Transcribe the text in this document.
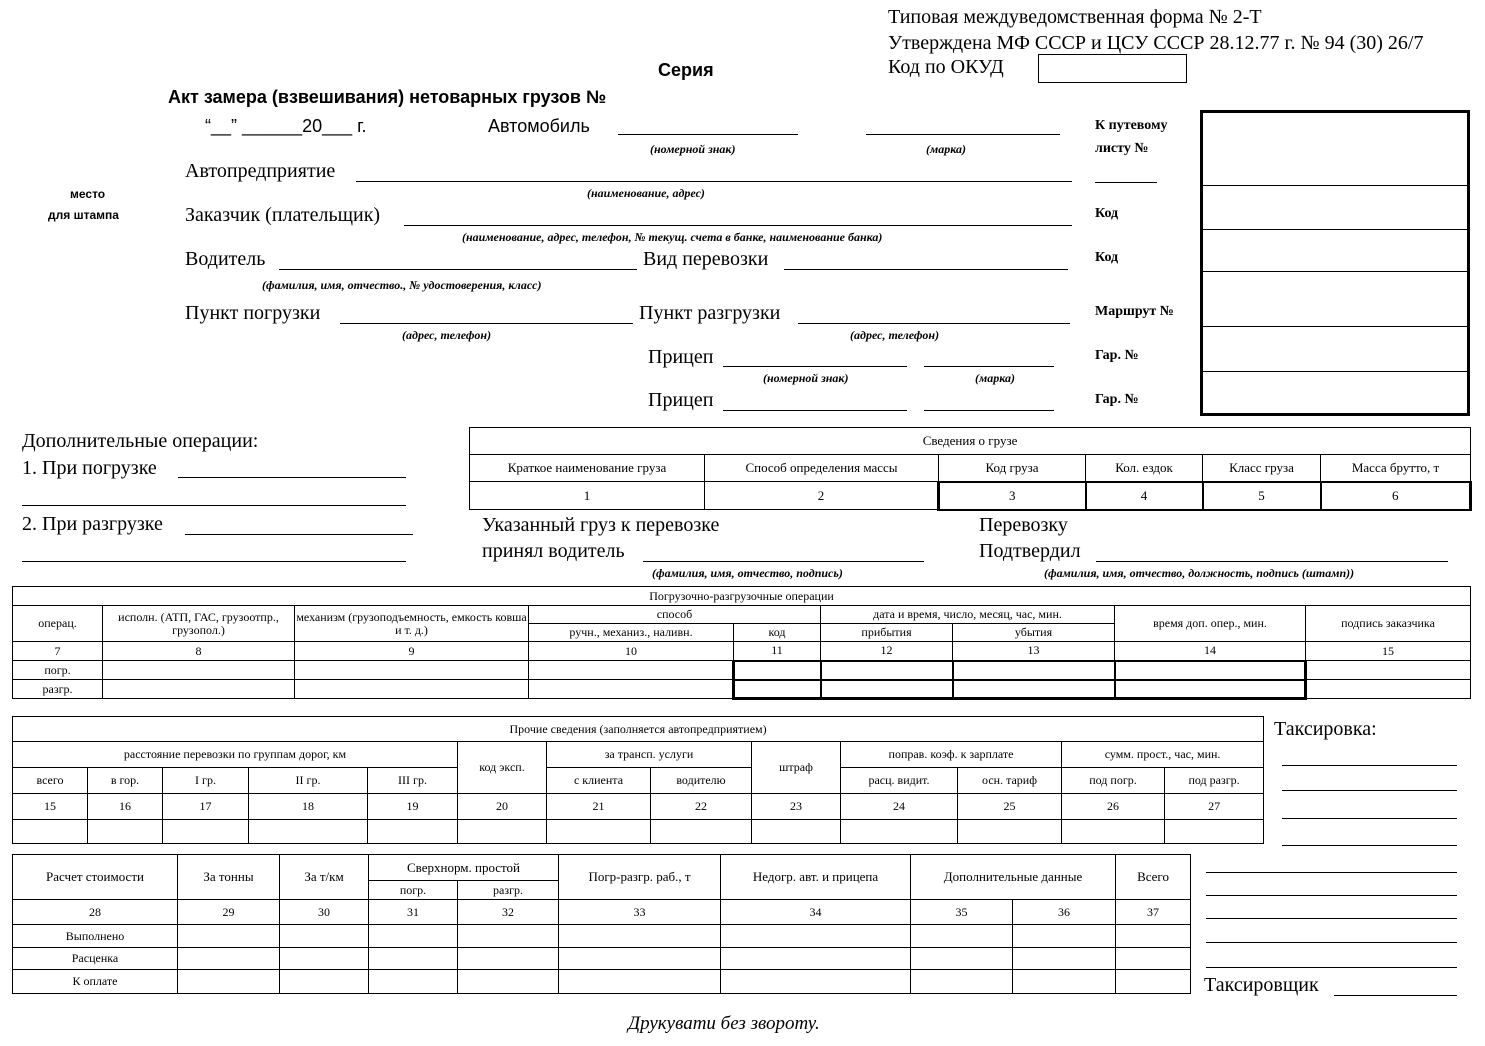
Типовая междуведомственная форма № 2-Т
Утверждена МФ СССР и ЦСУ СССР 28.12.77 г. № 94 (30) 26/7
Код по ОКУД
Серия
Акт замера (взвешивания) нетоварных грузов №
“__” ______20___ г.
место
для штампа
Автомобиль
(номерной знак)	(марка)
Автопредприятие
(наименование, адрес)
Заказчик (плательщик)
(наименование, адрес, телефон, № текущ. счета в банке, наименование банка)
Водитель	Вид перевозки
(фамилия, имя, отчество., № удостоверения, класс)
Пункт погрузки	Пункт разгрузки
(адрес, телефон)	(адрес, телефон)
Прицеп
(номерной знак)	(марка)
Прицеп
К путевому
листу №
Код
Код
Маршрут №
Гар. №
Гар. №
Дополнительные операции:
1. При погрузке
2. При разгрузке
Сведения о грузе					
Краткое наименование груза	Способ определения массы	Код груза	Кол. ездок	Класс груза	Масса брутто, т
1	2	3	4	5	6
Указанный груз к перевозке
принял водитель
(фамилия, имя, отчество, подпись)
Перевозку
Подтвердил
(фамилия, имя, отчество, должность, подпись (штамп))
Погрузочно-разгрузочные операции								
операц.	исполн. (АТП, ГАС, грузоотпр., грузопол.)	механизм (грузоподъемность, емкость ковша и т. д.)	способ		дата и время, число, месяц, час, мин.		время доп. опер., мин.	подпись заказчика
			ручн., механиз., наливн.	код	прибытия	убытия		
7	8	9	10	11	12	13	14	15
погр.								
разгр.								
Прочие сведения (заполняется автопредприятием)												
расстояние перевозки по группам дорог, км					код эксп.	за трансп. услуги		штраф	поправ. коэф. к зарплате		сумм. прост., час, мин.	
всего	в гор.	I гр.	II гр.	III гр.		с клиента	водителю		расц. видит.	осн. тариф	под погр.	под разгр.
15	16	17	18	19	20	21	22	23	24	25	26	27

Таксировка:
Таксировщик
Расчет стоимости	За тонны	За т/км	Сверхнорм. простой		Погр-разгр. раб., т	Недогр. авт. и прицепа	Дополнительные данные		Всего
			погр.	разгр.					
28	29	30	31	32	33	34	35	36	37
Выполнено									
Расценка									
К оплате									
Друкувати без звороту.
